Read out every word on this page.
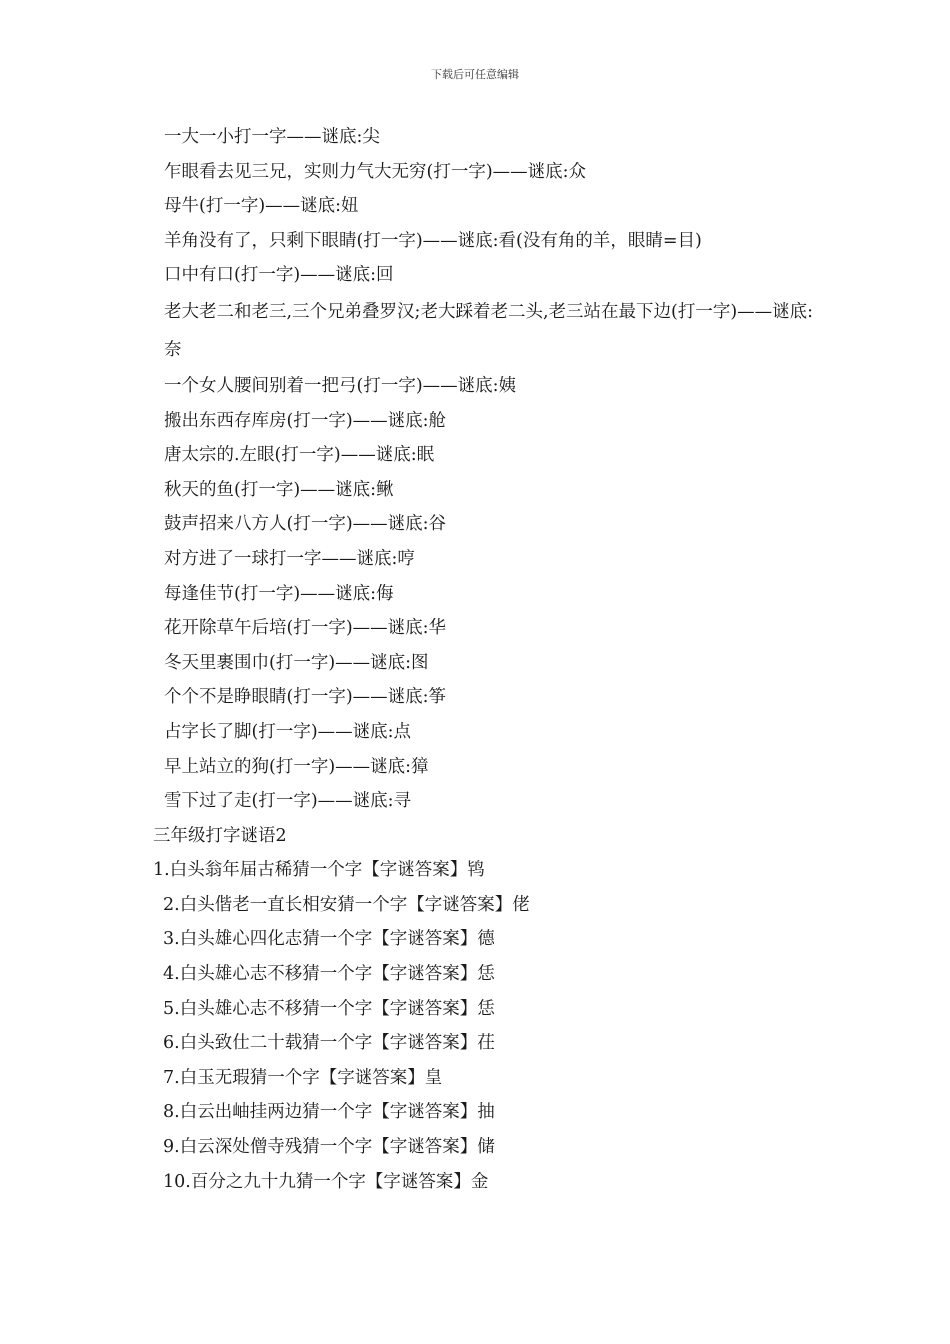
下载后可任意编辑
一大一小打一字——谜底:尖
乍眼看去见三兄，实则力气大无穷(打一字)——谜底:众
母牛(打一字)——谜底:妞
羊角没有了，只剩下眼睛(打一字)——谜底:看(没有角的羊，眼睛=目)
口中有口(打一字)——谜底:回
老大老二和老三,三个兄弟叠罗汉;老大踩着老二头,老三站在最下边(打一字)——谜底:奈
一个女人腰间别着一把弓(打一字)——谜底:姨
搬出东西存库房(打一字)——谜底:舱
唐太宗的.左眼(打一字)——谜底:眠
秋天的鱼(打一字)——谜底:鳅
鼓声招来八方人(打一字)——谜底:谷
对方进了一球打一字——谜底:哼
每逢佳节(打一字)——谜底:侮
花开除草午后培(打一字)——谜底:华
冬天里裹围巾(打一字)——谜底:图
个个不是睁眼睛(打一字)——谜底:筝
占字长了脚(打一字)——谜底:点
早上站立的狗(打一字)——谜底:獐
雪下过了走(打一字)——谜底:寻
三年级打字谜语2
1.白头翁年届古稀猜一个字【字谜答案】鸨
2.白头偕老一直长相安猜一个字【字谜答案】佬
3.白头雄心四化志猜一个字【字谜答案】德
4.白头雄心志不移猜一个字【字谜答案】恁
5.白头雄心志不移猜一个字【字谜答案】恁
6.白头致仕二十载猜一个字【字谜答案】茌
7.白玉无瑕猜一个字【字谜答案】皇
8.白云出岫挂两边猜一个字【字谜答案】抽
9.白云深处僧寺残猜一个字【字谜答案】储
10.百分之九十九猜一个字【字谜答案】金
